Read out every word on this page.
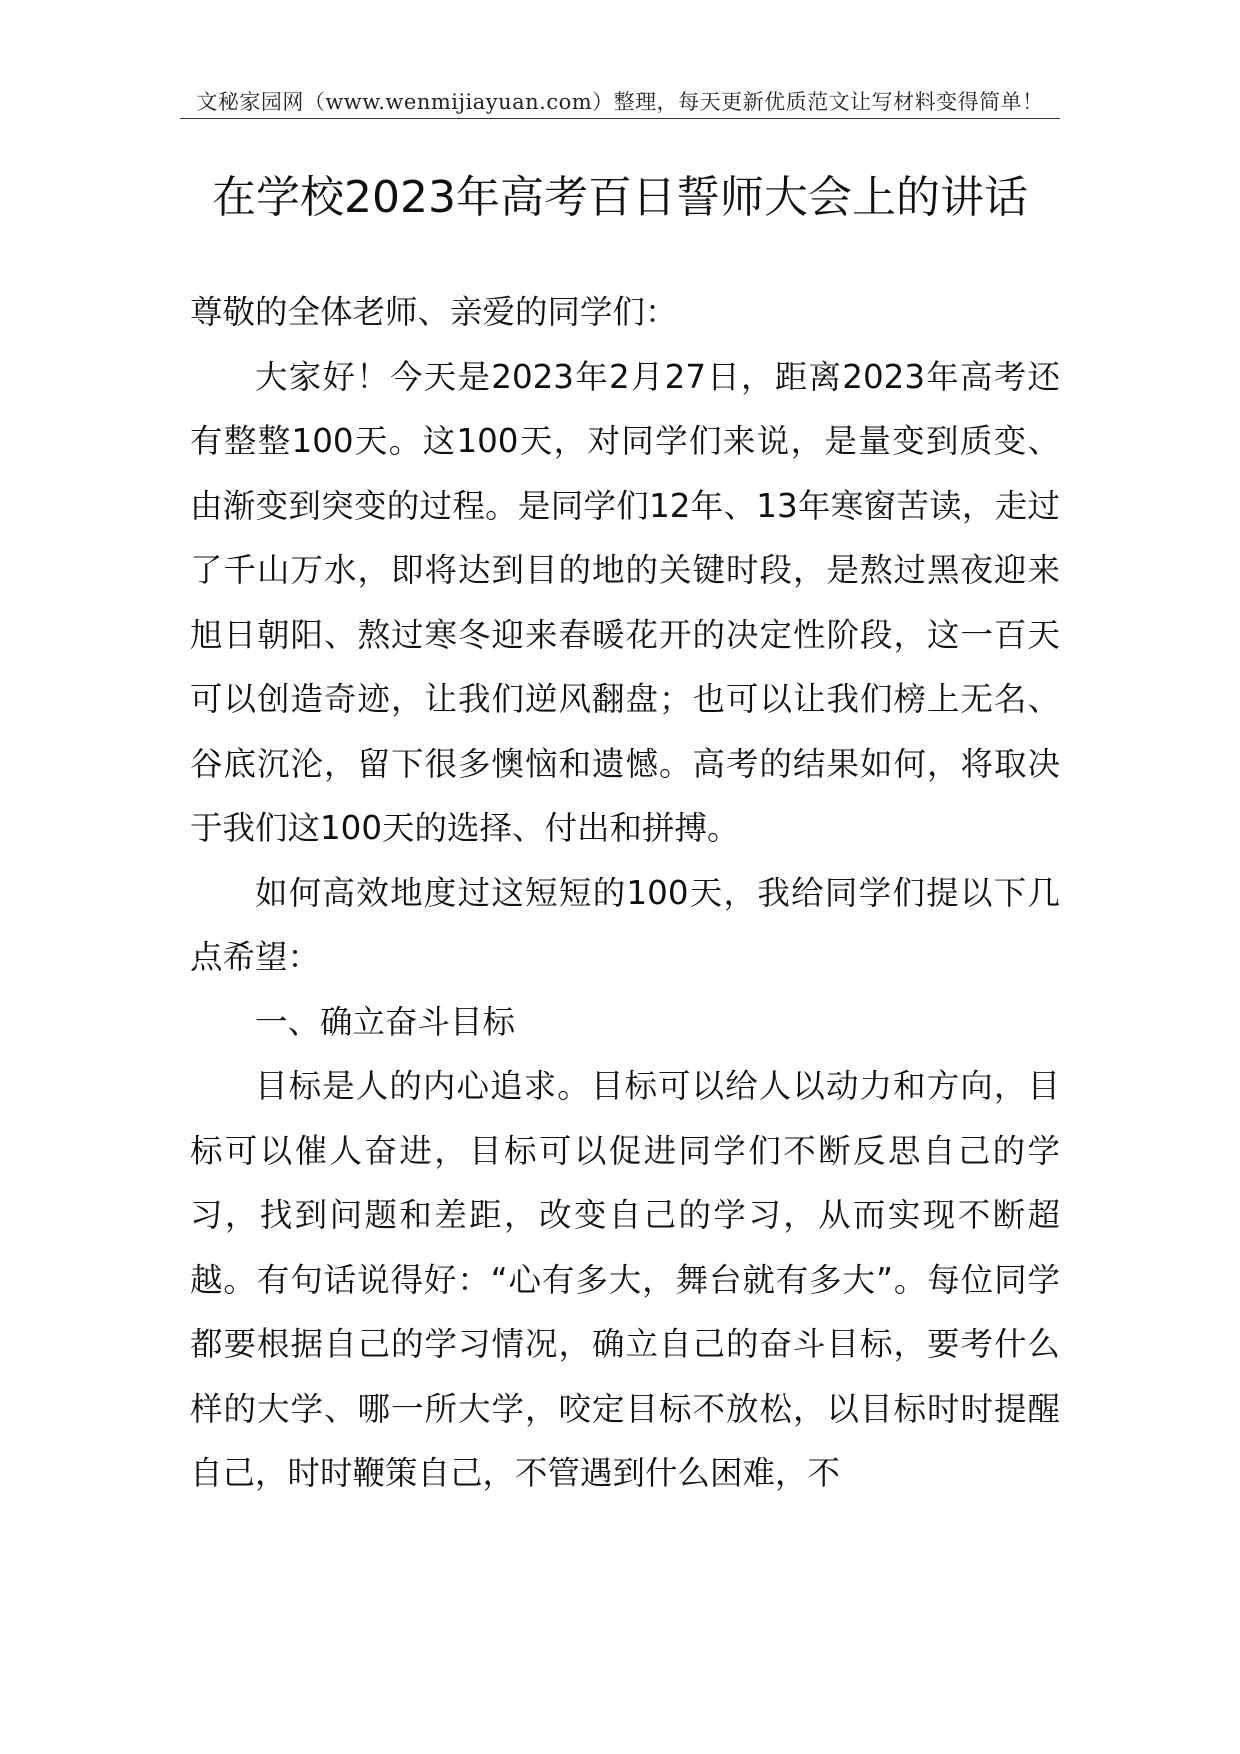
文秘家园网（www.wenmijiayuan.com）整理，每天更新优质范文让写材料变得简单！
在学校2023年高考百日誓师大会上的讲话

尊敬的全体老师、亲爱的同学们：

大家好！今天是2023年2月27日，距离2023年高考还有整整100天。这100天，对同学们来说，是量变到质变、由渐变到突变的过程。是同学们12年、13年寒窗苦读，走过了千山万水，即将达到目的地的关键时段，是熬过黑夜迎来旭日朝阳、熬过寒冬迎来春暖花开的决定性阶段，这一百天可以创造奇迹，让我们逆风翻盘；也可以让我们榜上无名、谷底沉沦，留下很多懊恼和遗憾。高考的结果如何，将取决于我们这100天的选择、付出和拼搏。

如何高效地度过这短短的100天，我给同学们提以下几点希望：

一、确立奋斗目标

目标是人的内心追求。目标可以给人以动力和方向，目标可以催人奋进，目标可以促进同学们不断反思自己的学习，找到问题和差距，改变自己的学习，从而实现不断超越。有句话说得好：“心有多大，舞台就有多大”。每位同学都要根据自己的学习情况，确立自己的奋斗目标，要考什么样的大学、哪一所大学，咬定目标不放松，以目标时时提醒自己，时时鞭策自己，不管遇到什么困难，不
